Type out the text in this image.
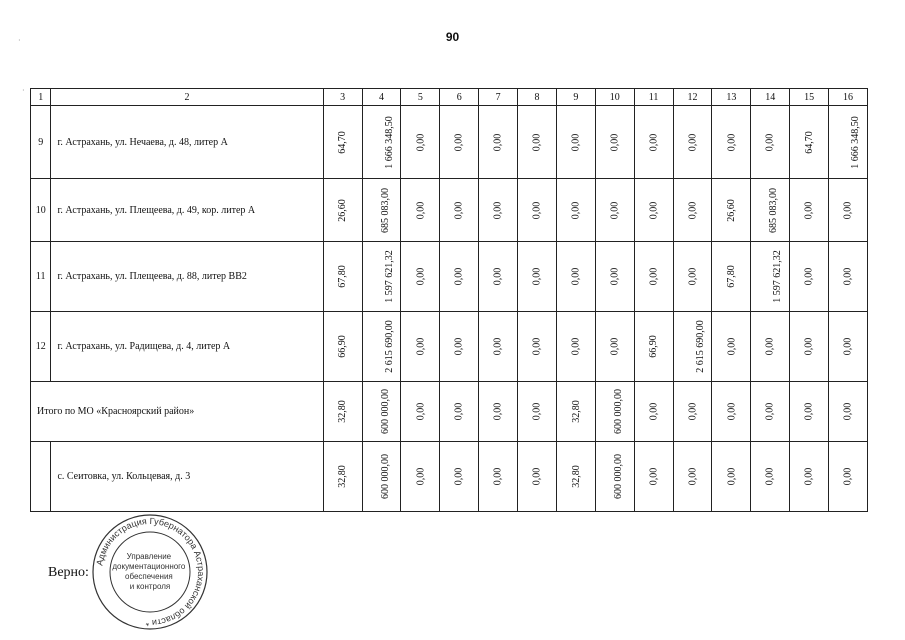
90
1	2	3	4	5	6	7	8	9	10	11	12	13	14	15	16
9	г. Астрахань, ул. Нечаева, д. 48, литер А	64,70	1 666 348,50	0,00	0,00	0,00	0,00	0,00	0,00	0,00	0,00	0,00	0,00	64,70	1 666 348,50
10	г. Астрахань, ул. Плещеева, д. 49, кор. литер А	26,60	685 083,00	0,00	0,00	0,00	0,00	0,00	0,00	0,00	0,00	26,60	685 083,00	0,00	0,00
11	г. Астрахань, ул. Плещеева, д. 88, литер ВВ2	67,80	1 597 621,32	0,00	0,00	0,00	0,00	0,00	0,00	0,00	0,00	67,80	1 597 621,32	0,00	0,00
12	г. Астрахань, ул. Радищева, д. 4, литер А	66,90	2 615 690,00	0,00	0,00	0,00	0,00	0,00	0,00	66,90	2 615 690,00	0,00	0,00	0,00	0,00
Итого по МО «Красноярский район»		32,80	600 000,00	0,00	0,00	0,00	0,00	32,80	600 000,00	0,00	0,00	0,00	0,00	0,00	0,00
	с. Сеитовка, ул. Кольцевая, д. 3	32,80	600 000,00	0,00	0,00	0,00	0,00	32,80	600 000,00	0,00	0,00	0,00	0,00	0,00	0,00
Верно:
Администрация Губернатора Астраханской области *
Управление документационного обеспечения и контроля
·
·
